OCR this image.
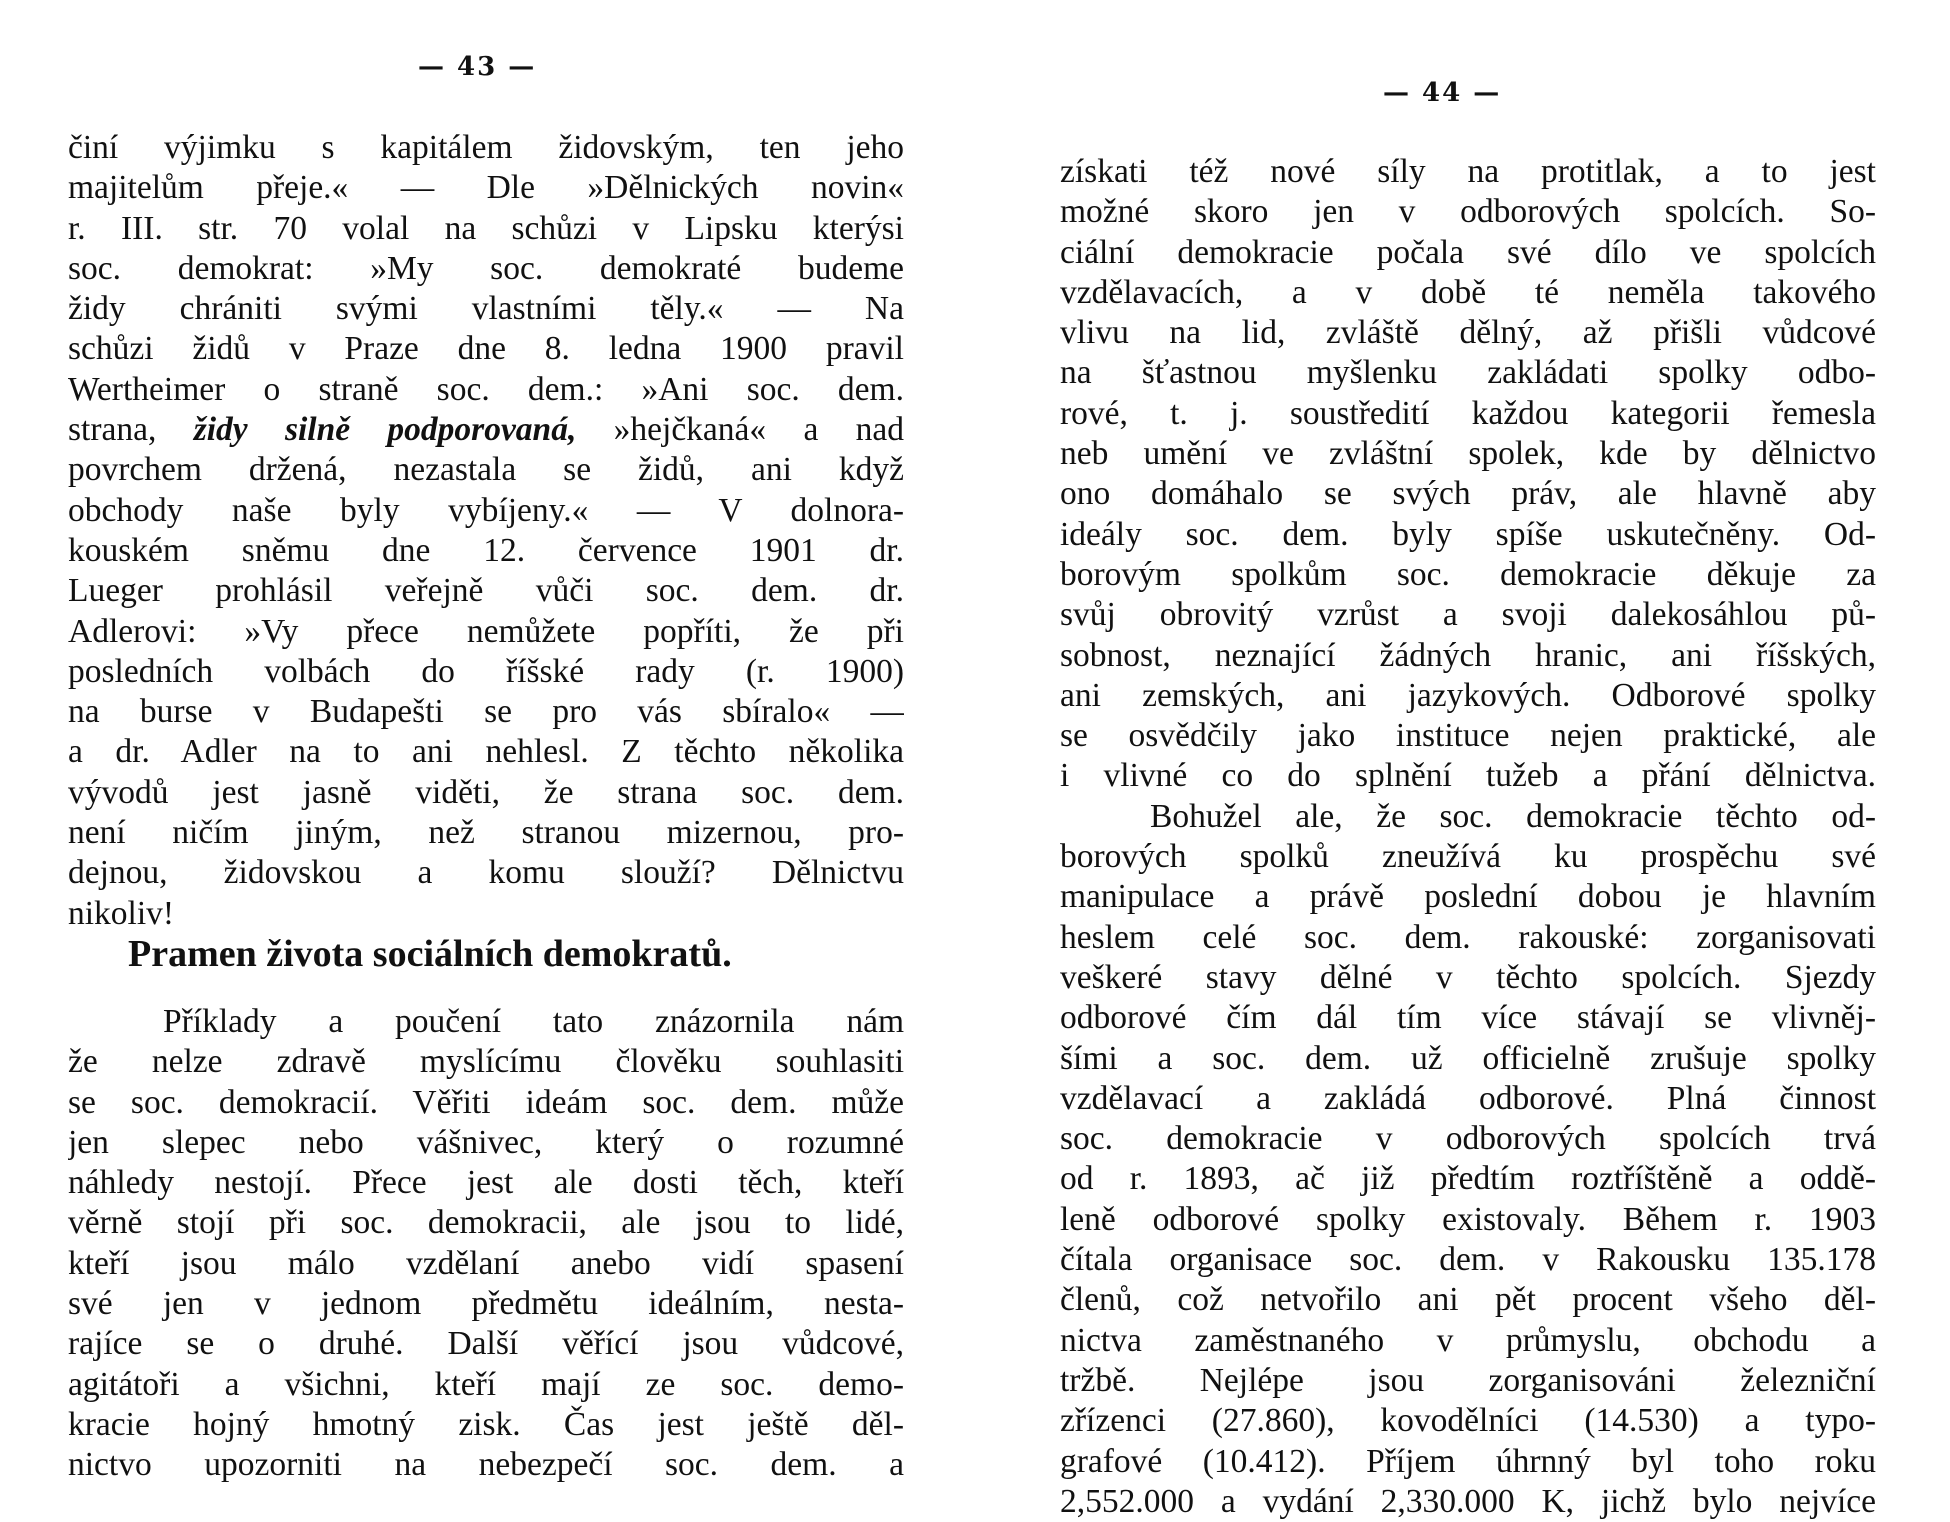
— 43 —
činí výjimku s kapitálem židovským, ten jeho
majitelům přeje.« — Dle »Dělnických novin«
r. III. str. 70 volal na schůzi v Lipsku kterýsi
soc. demokrat: »My soc. demokraté budeme
židy chrániti svými vlastními těly.« — Na
schůzi židů v Praze dne 8. ledna 1900 pravil
Wertheimer o straně soc. dem.: »Ani soc. dem.
strana, židy silně podporovaná, »hejčkaná« a nad
povrchem držená, nezastala se židů, ani když
obchody naše byly vybíjeny.« — V dolnora-
kouském sněmu dne 12. července 1901 dr.
Lueger prohlásil veřejně vůči soc. dem. dr.
Adlerovi: »Vy přece nemůžete popříti, že při
posledních volbách do říšské rady (r. 1900)
na burse v Budapešti se pro vás sbíralo« —
a dr. Adler na to ani nehlesl. Z těchto několika
vývodů jest jasně viděti, že strana soc. dem.
není ničím jiným, než stranou mizernou, pro-
dejnou, židovskou a komu slouží? Dělnictvu
nikoliv!
Pramen života sociálních demokratů.
Příklady a poučení tato znázornila nám
že nelze zdravě myslícímu člověku souhlasiti
se soc. demokracií. Věřiti ideám soc. dem. může
jen slepec nebo vášnivec, který o rozumné
náhledy nestojí. Přece jest ale dosti těch, kteří
věrně stojí při soc. demokracii, ale jsou to lidé,
kteří jsou málo vzdělaní anebo vidí spasení
své jen v jednom předmětu ideálním, nesta-
rajíce se o druhé. Další věřící jsou vůdcové,
agitátoři a všichni, kteří mají ze soc. demo-
kracie hojný hmotný zisk. Čas jest ještě děl-
nictvo upozorniti na nebezpečí soc. dem. a
— 44 —
získati též nové síly na protitlak, a to jest
možné skoro jen v odborových spolcích. So-
ciální demokracie počala své dílo ve spolcích
vzdělavacích, a v době té neměla takového
vlivu na lid, zvláště dělný, až přišli vůdcové
na šťastnou myšlenku zakládati spolky odbo-
rové, t. j. soustředití každou kategorii řemesla
neb umění ve zvláštní spolek, kde by dělnictvo
ono domáhalo se svých práv, ale hlavně aby
ideály soc. dem. byly spíše uskutečněny. Od-
borovým spolkům soc. demokracie děkuje za
svůj obrovitý vzrůst a svoji dalekosáhlou pů-
sobnost, neznající žádných hranic, ani říšských,
ani zemských, ani jazykových. Odborové spolky
se osvědčily jako instituce nejen praktické, ale
i vlivné co do splnění tužeb a přání dělnictva.
Bohužel ale, že soc. demokracie těchto od-
borových spolků zneužívá ku prospěchu své
manipulace a právě poslední dobou je hlavním
heslem celé soc. dem. rakouské: zorganisovati
veškeré stavy dělné v těchto spolcích. Sjezdy
odborové čím dál tím více stávají se vlivněj-
šími a soc. dem. už officielně zrušuje spolky
vzdělavací a zakládá odborové. Plná činnost
soc. demokracie v odborových spolcích trvá
od r. 1893, ač již předtím roztříštěně a oddě-
leně odborové spolky existovaly. Během r. 1903
čítala organisace soc. dem. v Rakousku 135.178
členů, což netvořilo ani pět procent všeho děl-
nictva zaměstnaného v průmyslu, obchodu a
tržbě. Nejlépe jsou zorganisováni železniční
zřízenci (27.860), kovodělníci (14.530) a typo-
grafové (10.412). Příjem úhrnný byl toho roku
2,552.000 a vydání 2,330.000 K, jichž bylo nejvíce
